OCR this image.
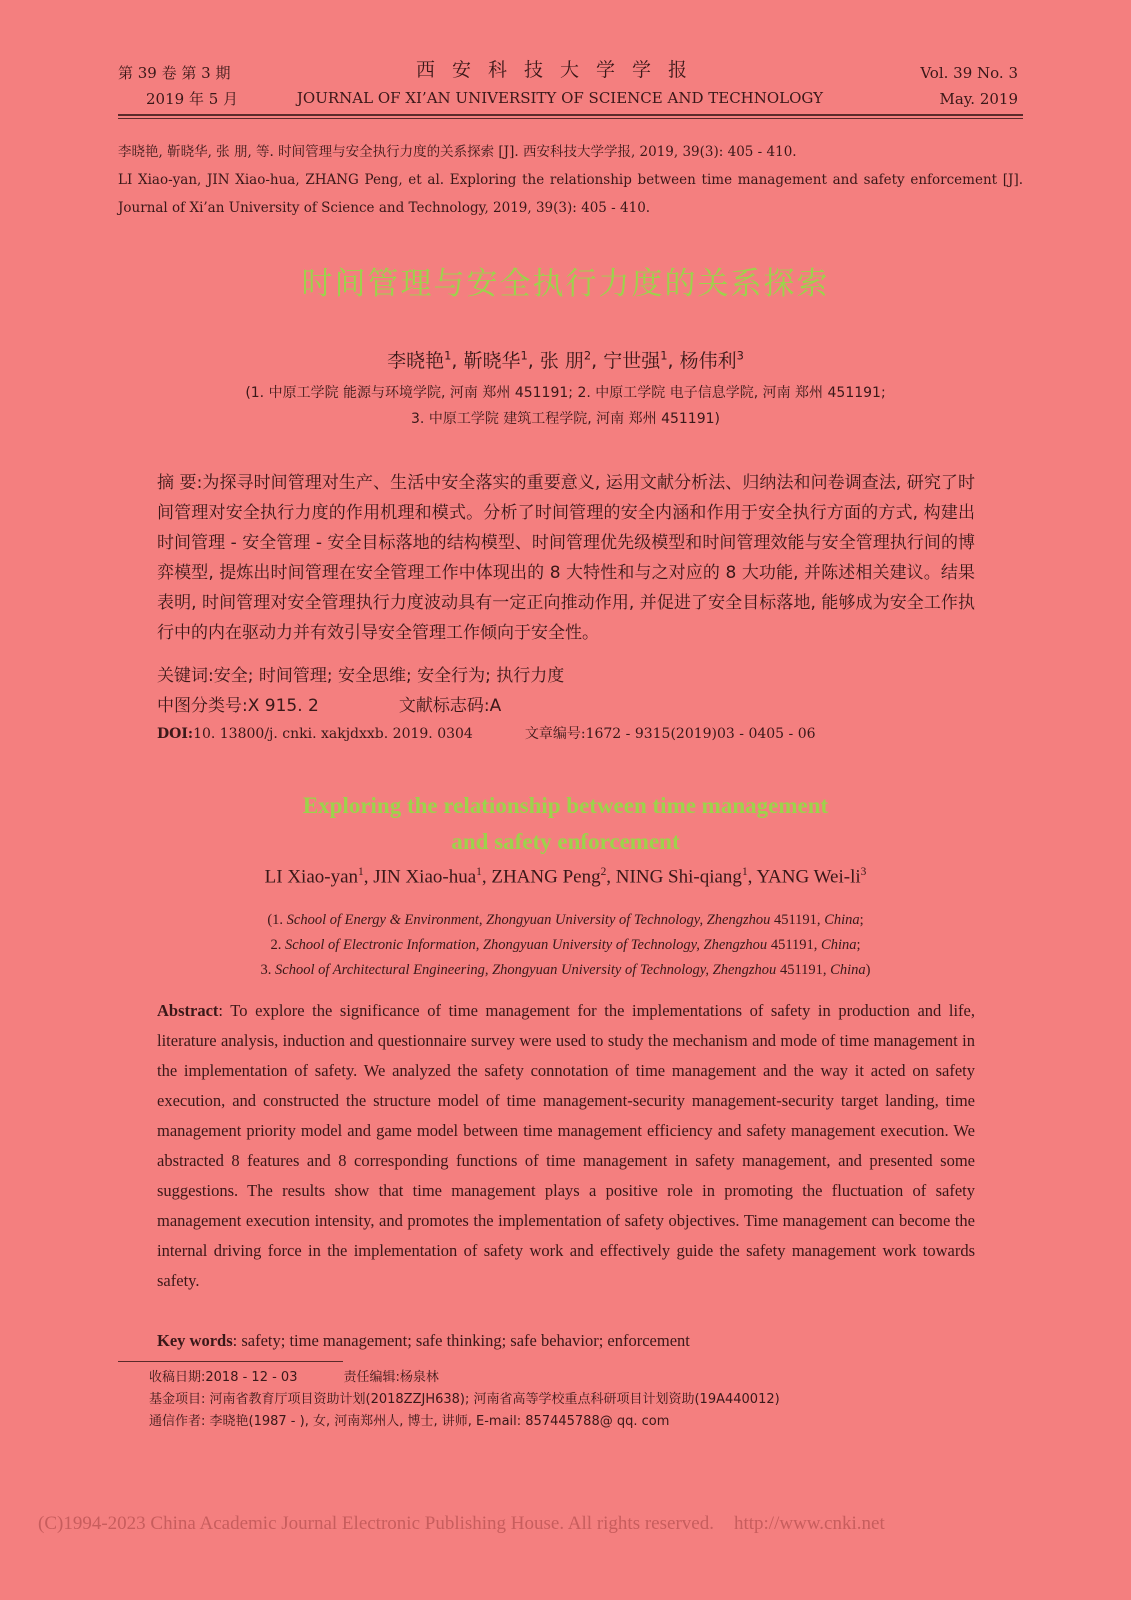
第 39 卷 第 3 期
2019 年 5 月
西安科技大学学报
JOURNAL OF XI’AN UNIVERSITY OF SCIENCE AND TECHNOLOGY
Vol. 39 No. 3
May. 2019
李晓艳, 靳晓华, 张 朋, 等. 时间管理与安全执行力度的关系探索 [J]. 西安科技大学学报, 2019, 39(3): 405 - 410.
LI Xiao-yan, JIN Xiao-hua, ZHANG Peng, et al. Exploring the relationship between time management and safety enforcement [J].
Journal of Xi’an University of Science and Technology, 2019, 39(3): 405 - 410.
时间管理与安全执行力度的关系探索
李晓艳$^1$, 靳晓华$^1$, 张 朋$^2$, 宁世强$^1$, 杨伟利$^3$
(1. 中原工学院 能源与环境学院, 河南 郑州 451191; 2. 中原工学院 电子信息学院, 河南 郑州 451191;
3. 中原工学院 建筑工程学院, 河南 郑州 451191)
摘 要:为探寻时间管理对生产、生活中安全落实的重要意义, 运用文献分析法、归纳法和问卷调查法, 研究了时间管理对安全执行力度的作用机理和模式。分析了时间管理的安全内涵和作用于安全执行方面的方式, 构建出时间管理 - 安全管理 - 安全目标落地的结构模型、时间管理优先级模型和时间管理效能与安全管理执行间的博弈模型, 提炼出时间管理在安全管理工作中体现出的 8 大特性和与之对应的 8 大功能, 并陈述相关建议。结果表明, 时间管理对安全管理执行力度波动具有一定正向推动作用, 并促进了安全目标落地, 能够成为安全工作执行中的内在驱动力并有效引导安全管理工作倾向于安全性。
关键词:安全; 时间管理; 安全思维; 安全行为; 执行力度
中图分类号:X 915. 2	文献标志码:A
DOI:10. 13800/j. cnki. xakjdxxb. 2019. 0304	文章编号:1672 - 9315(2019)03 - 0405 - 06
Exploring the relationship between time management
and safety enforcement
LI Xiao-yan$^1$, JIN Xiao-hua$^1$, ZHANG Peng$^2$, NING Shi-qiang$^1$, YANG Wei-$li^3$
(1. School of Energy & Environment, Zhongyuan University of Technology, Zhengzhou 451191, China;
2. School of Electronic Information, Zhongyuan University of Technology, Zhengzhou 451191, China;
3. School of Architectural Engineering, Zhongyuan University of Technology, Zhengzhou 451191, China)
Abstract: To explore the significance of time management for the implementations of safety in production and life, literature analysis, induction and questionnaire survey were used to study the mechanism and mode of time management in the implementation of safety. We analyzed the safety connotation of time management and the way it acted on safety execution, and constructed the structure model of time management-security management-security target landing, time management priority model and game model between time management efficiency and safety management execution. We abstracted 8 features and 8 corresponding functions of time management in safety management, and presented some suggestions. The results show that time management plays a positive role in promoting the fluctuation of safety management execution intensity, and promotes the implementation of safety objectives. Time management can become the internal driving force in the implementation of safety work and effectively guide the safety management work towards safety.
Key words: safety; time management; safe thinking; safe behavior; enforcement
收稿日期:2018 - 12 - 03	责任编辑:杨泉林
基金项目: 河南省教育厅项目资助计划(2018ZZJH638); 河南省高等学校重点科研项目计划资助(19A440012)
通信作者: 李晓艳(1987 - ), 女, 河南郑州人, 博士, 讲师, E-mail: 857445788@ qq. com
(C)1994-2023 China Academic Journal Electronic Publishing House. All rights reserved. http://www.cnki.net
